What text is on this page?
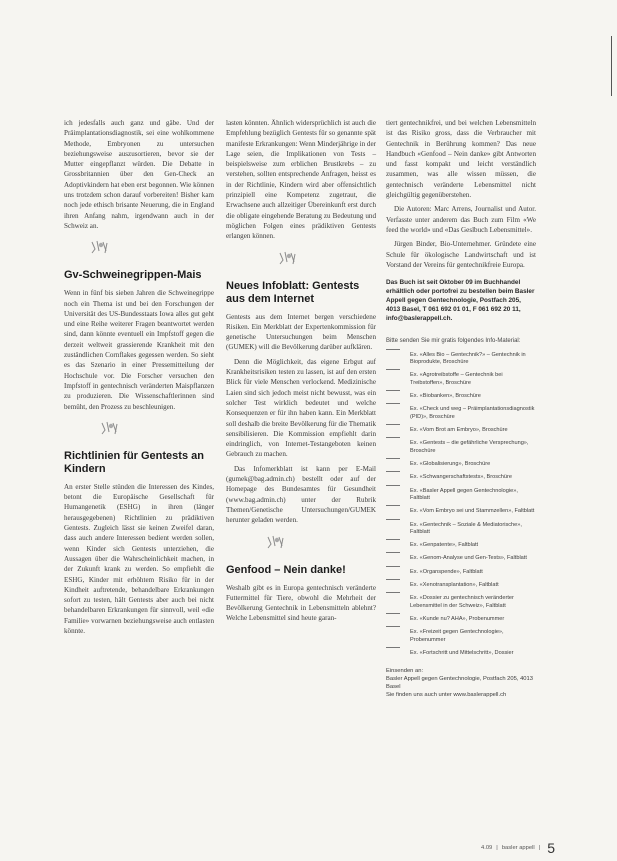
ich jedesfalls auch ganz und gäbe. Und der Präimplantationsdiagnostik, sei eine wohlkommene Methode, Embryonen zu untersuchen beziehungsweise auszusortieren, bevor sie der Mutter eingepflanzt würden. Die Debatte in Grossbritannien über den Gen-Check an Adoptivkindern hat eben erst begonnen. Wie können uns trotzdem schon darauf vorbereiten! Bisher kam noch jede ethisch brisante Neuerung, die in England ihren Anfang nahm, irgendwann auch in der Schweiz an.

Gv-Schweinegrippen-Mais

Wenn in fünf bis sieben Jahren die Schweinegrippe noch ein Thema ist und bei den Forschungen der Universität des US-Bundesstaats Iowa alles gut geht und eine Reihe weiterer Fragen beantwortet werden sind, dann könnte eventuell ein Impfstoff gegen die derzeit weltweit grassierende Krankheit mit den zuständlichen Cornflakes gegessen werden. So sieht es das Szenario in einer Pressemitteilung der Hochschule vor. Die Forscher versuchen den Impfstoff in gentechnisch veränderten Maispflanzen zu produzieren. Die Wissenschaftlerinnen sind bemüht, den Prozess zu beschleunigen.

Richtlinien für Gentests an Kindern

An erster Stelle stünden die Interessen des Kindes, betont die Europäische Gesellschaft für Humangenetik (ESHG) in ihren (länger herausgegebenen) Richtlinien zu prädiktiven Gentests. Zugleich lässt sie keinen Zweifel daran, dass auch andere Interessen bedient werden sollen, wenn Kinder sich Gentests unterziehen, die Aussagen über die Wahrscheinlichkeit machen, in der Zukunft krank zu werden. So empfiehlt die ESHG, Kinder mit erhöhtem Risiko für in der Kindheit auftretende, behandelbare Erkrankungen sofort zu testen, hält Gentests aber auch bei nicht behandelbaren Erkrankungen für sinnvoll, weil «die Familie» vorwarnen beziehungsweise auch entlasten könnte.

lasten könnten. Ähnlich widersprüchlich ist auch die Empfehlung bezüglich Gentests für so genannte spät manifeste Erkrankungen: Wenn Minderjährige in der Lage seien, die Implikationen von Tests – beispielsweise zum erblichen Brustkrebs – zu verstehen, sollten entsprechende Anfragen, heisst es in der Richtlinie, Kindern wird aber offensichtlich prinzipiell eine Kompetenz zugetraut, die Erwachsene auch allzeitiger Übereinkunft erst durch die obligate eingehende Beratung zu Bedeutung und möglichen Folgen eines prädiktiven Gentests erlangen können.

Neues Infoblatt: Gentests aus dem Internet

Gentests aus dem Internet bergen verschiedene Risiken. Ein Merkblatt der Expertenkommission für genetische Untersuchungen beim Menschen (GUMEK) will die Bevölkerung darüber aufklären.

Denn die Möglichkeit, das eigene Erbgut auf Krankheitsrisiken testen zu lassen, ist auf den ersten Blick für viele Menschen verlockend. Medizinische Laien sind sich jedoch meist nicht bewusst, was ein solcher Test wirklich bedeutet und welche Konsequenzen er für ihn haben kann. Ein Merkblatt soll deshalb die breite Bevölkerung für die Thematik sensibilisieren. Die Kommission empfiehlt darin eindringlich, von Internet-Testangeboten keinen Gebrauch zu machen.

Das Infomerkblatt ist kann per E-Mail (gumek@bag.admin.ch) bestellt oder auf der Homepage des Bundesamtes für Gesundheit (www.bag.admin.ch) unter der Rubrik Themen/Genetische Untersuchungen/GUMEK herunter geladen werden.

Genfood – Nein danke!

Weshalb gibt es in Europa gentechnisch veränderte Futtermittel für Tiere, obwohl die Mehrheit der Bevölkerung Gentechnik in Lebensmitteln ablehnt? Welche Lebensmittel sind heute garan-

tiert gentechnikfrei, und bei welchen Lebensmitteln ist das Risiko gross, dass die Verbraucher mit Gentechnik in Berührung kommen? Das neue Handbuch «Genfood – Nein danke» gibt Antworten und fasst kompakt und leicht verständlich zusammen, was alle wissen müssen, die gentechnisch veränderte Lebensmittel nicht gleichgültig gegenüberstehen.

Die Autoren: Marc Arrens, Journalist und Autor. Verfasste unter anderem das Buch zum Film «We feed the world» und «Das Geslbuch Lebensmittel».

Jürgen Binder, Bio-Unternehmer. Gründete eine Schule für ökologische Landwirtschaft und ist Vorstand der Vereins für gentechnikfreie Europa.

Das Buch ist seit Oktober 09 im Buchhandel erhältlich oder portofrei zu bestellen beim Basler Appell gegen Gentechnologie, Postfach 205, 4013 Basel, T 061 692 01 01, F 061 692 20 11, info@baslerappell.ch.

Bitte senden Sie mir gratis folgendes Info-Material:

Ex. «Alles Bio – Gentechnik?» – Gentechnik in Bioprodukte, Broschüre
Ex. «Agrotreibstoffe – Gentechnik bei Treibstoffen», Broschüre
Ex. «Biobanken», Broschüre
Ex. «Check und weg – Präimplantationsdiagnostik (PID)», Broschüre
Ex. «Vom Brot am Embryo», Broschüre
Ex. «Gentests – die gefährliche Versprechung», Broschüre
Ex. «Globalisierung», Broschüre
Ex. «Schwangerschaftstests», Broschüre
Ex. «Basler Appell gegen Gentechnologie», Faltblatt
Ex. «Vom Embryo sei und Stammzellen», Faltblatt
Ex. «Gentechnik – Soziale & Mediatorische», Faltblatt
Ex. «Genpatente», Faltblatt
Ex. «Genom-Analyse und Gen-Tests», Faltblatt
Ex. «Organspende», Faltblatt
Ex. «Xenotransplantation», Faltblatt
Ex. «Dossier zu gentechnisch veränderter Lebensmittel in der Schweiz», Faltblatt
Ex. «Kunde nu? AHA», Probenummer
Ex. «Freizeit gegen Gentechnologie», Probenummer
Ex. «Fortschritt und Mittelschritt», Dossier

Einsenden an:

Basler Appell gegen Gentechnologie, Postfach 205, 4013 Basel

Sie finden uns auch unter www.baslerappell.ch

4.09 | basler appell | 5
